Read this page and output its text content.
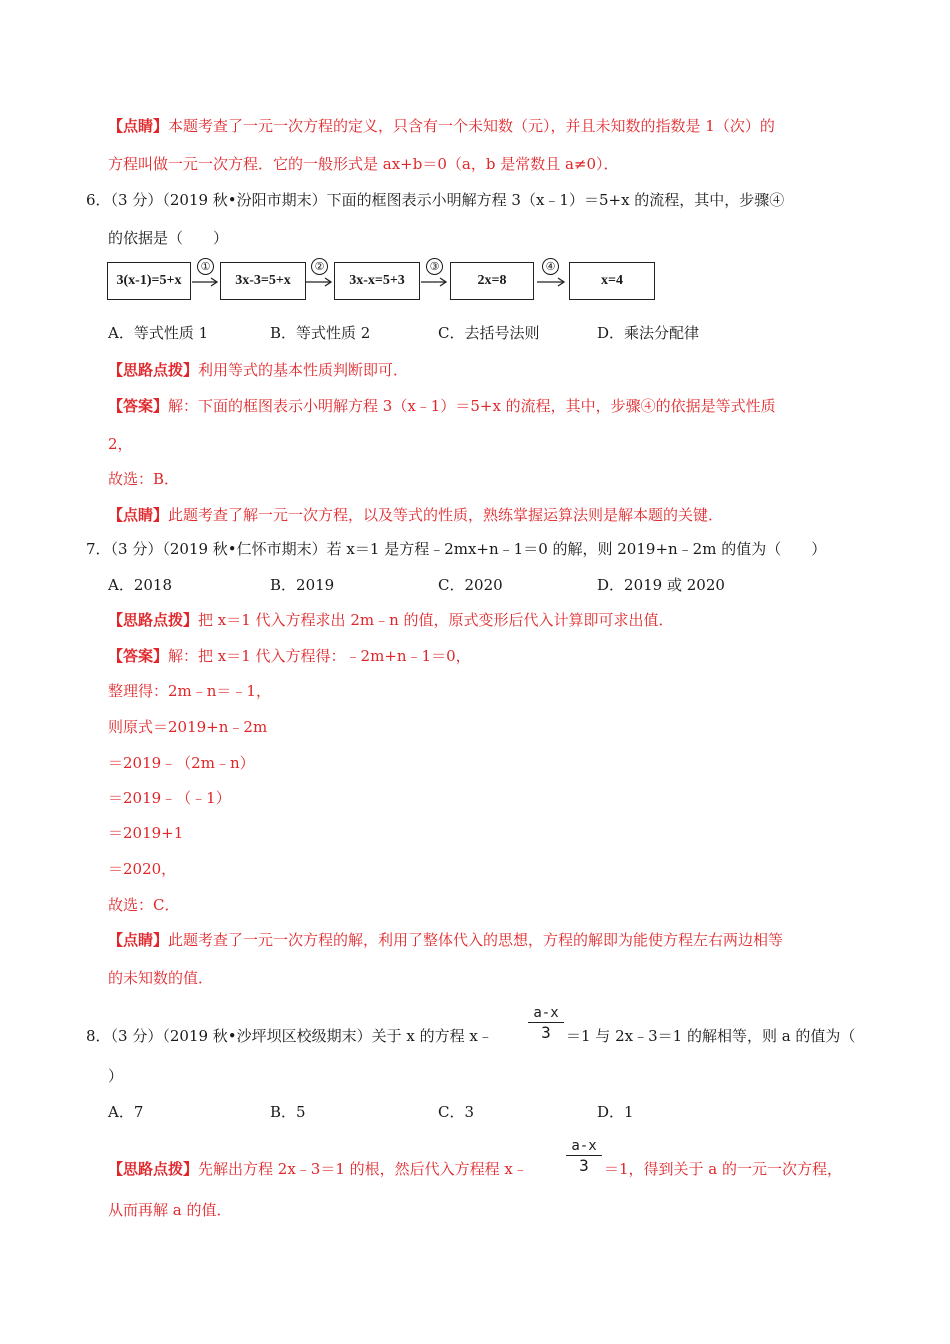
【点睛】本题考查了一元一次方程的定义，只含有一个未知数（元），并且未知数的指数是 1（次）的
方程叫做一元一次方程．它的一般形式是 ax+b＝0（a，b 是常数且 a≠0）．
6．（3 分）（2019 秋•汾阳市期末）下面的框图表示小明解方程 3（x﹣1）＝5+x 的流程，其中，步骤④
的依据是（　　）
3(x-1)=5+x	3x-3=5+x	3x-x=5+3	2x=8	x=4
①	②	③	④
A．等式性质 1	B．等式性质 2	C．去括号法则	D．乘法分配律
【思路点拨】利用等式的基本性质判断即可．
【答案】解：下面的框图表示小明解方程 3（x﹣1）＝5+x 的流程，其中，步骤④的依据是等式性质
2，
故选：B．
【点睛】此题考查了解一元一次方程，以及等式的性质，熟练掌握运算法则是解本题的关键．
7．（3 分）（2019 秋•仁怀市期末）若 x＝1 是方程﹣2mx+n﹣1＝0 的解，则 2019+n﹣2m 的值为（　　）
A．2018	B．2019	C．2020	D．2019 或 2020
【思路点拨】把 x＝1 代入方程求出 2m﹣n 的值，原式变形后代入计算即可求出值．
【答案】解：把 x＝1 代入方程得：﹣2m+n﹣1＝0，
整理得：2m﹣n＝﹣1，
则原式＝2019+n﹣2m
＝2019﹣（2m﹣n）
＝2019﹣（﹣1）
＝2019+1
＝2020，
故选：C．
【点睛】此题考查了一元一次方程的解，利用了整体代入的思想，方程的解即为能使方程左右两边相等
的未知数的值．
8．（3 分）（2019 秋•沙坪坝区校级期末）关于 x 的方程 x﹣	$\frac{a-x}{3} =1$ 与 2x﹣3＝1 的解相等，则 a 的值为（
）
A．7	B．5	C．3	D．1
【思路点拨】先解出方程 2x﹣3＝1 的根，然后代入方程程 x﹣	$\frac{a-x}{3} =1$，得到关于 a 的一元一次方程，
从而再解 a 的值．
